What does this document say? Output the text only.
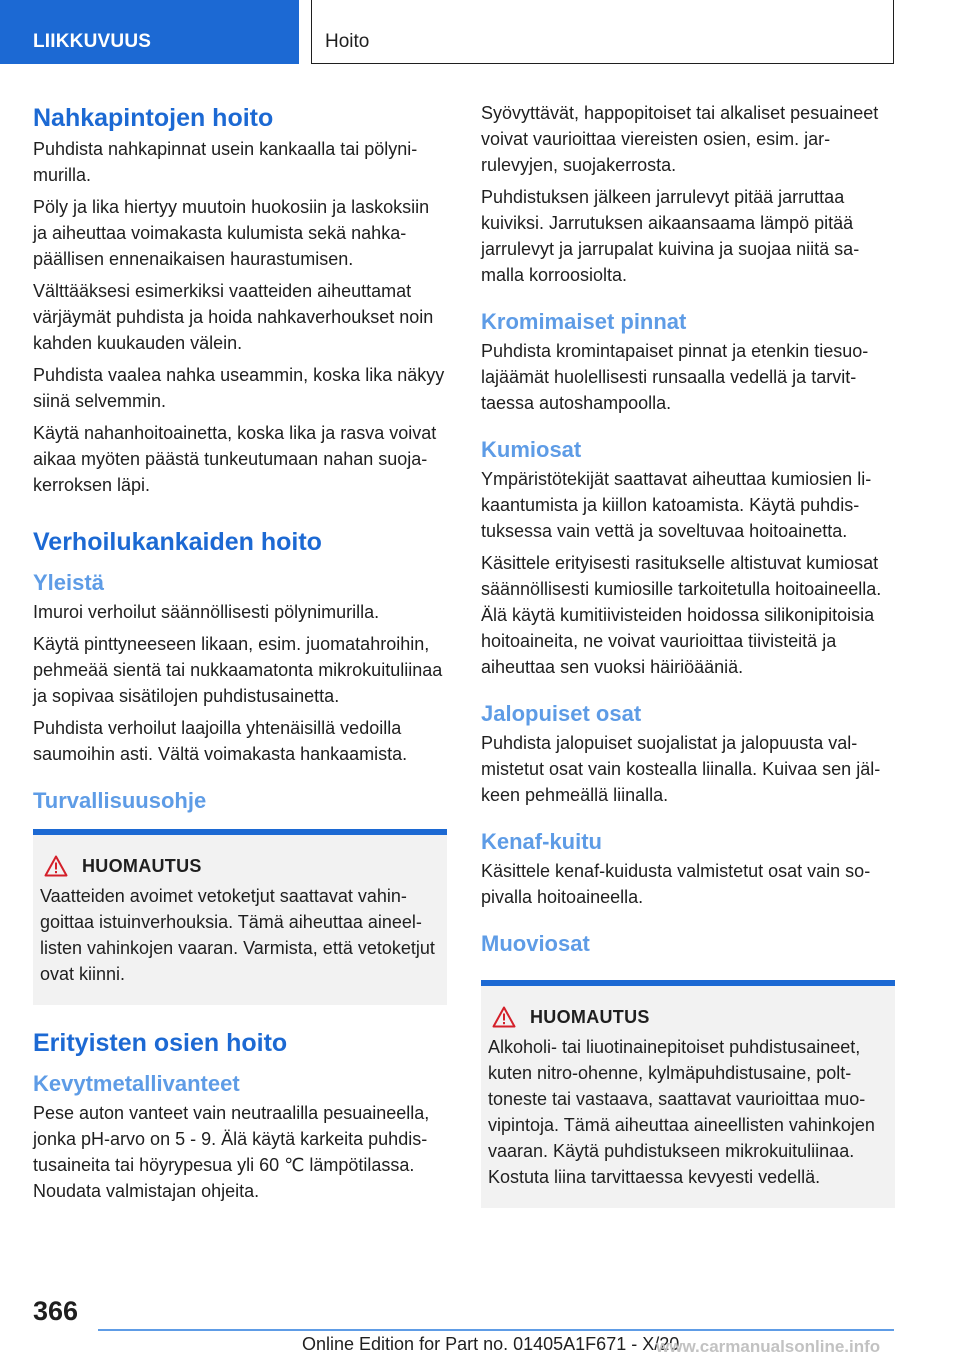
LIIKKUVUUS	Hoito
Nahkapintojen hoito

Puhdista nahkapinnat usein kankaalla tai pölynimurilla.

Pöly ja lika hiertyy muutoin huokosiin ja laskoksiin ja aiheuttaa voimakasta kulumista sekä nahkapäällisen ennenaikaisen haurastumisen.

Välttääksesi esimerkiksi vaatteiden aiheuttamat värjäymät puhdista ja hoida nahkaverhoukset noin kahden kuukauden välein.

Puhdista vaalea nahka useammin, koska lika näkyy siinä selvemmin.

Käytä nahanhoitoainetta, koska lika ja rasva voivat aikaa myöten päästä tunkeutumaan nahan suojakerroksen läpi.

Verhoilukankaiden hoito
Yleistä

Imuroi verhoilut säännöllisesti pölynimurilla.

Käytä pinttyneeseen likaan, esim. juomatahroihin, pehmeää sientä tai nukkaamatonta mikrokuituliinaa ja sopivaa sisätilojen puhdistusainetta.

Puhdista verhoilut laajoilla yhtenäisillä vedoilla saumoihin asti. Vältä voimakasta hankaamista.

Turvallisuusohje
HUOMAUTUS

Vaatteiden avoimet vetoketjut saattavat vahingoittaa istuinverhouksia. Tämä aiheuttaa aineellisten vahinkojen vaaran. Varmista, että vetoketjut ovat kiinni.

Erityisten osien hoito
Kevytmetallivanteet

Pese auton vanteet vain neutraalilla pesuaineella, jonka pH-arvo on 5 - 9. Älä käytä karkeita puhdistusaineita tai höyrypesua yli 60 ℃ lämpötilassa. Noudata valmistajan ohjeita.

Syövyttävät, happopitoiset tai alkaliset pesuaineet voivat vaurioittaa viereisten osien, esim. jarrulevyjen, suojakerrosta.

Puhdistuksen jälkeen jarrulevyt pitää jarruttaa kuiviksi. Jarrutuksen aikaansaama lämpö pitää jarrulevyt ja jarrupalat kuivina ja suojaa niitä samalla korroosiolta.

Kromimaiset pinnat

Puhdista kromintapaiset pinnat ja etenkin tiesuolajäämät huolellisesti runsaalla vedellä ja tarvittaessa autoshampoolla.

Kumiosat

Ympäristötekijät saattavat aiheuttaa kumiosien likaantumista ja kiillon katoamista. Käytä puhdistuksessa vain vettä ja soveltuvaa hoitoainetta.

Käsittele erityisesti rasitukselle altistuvat kumiosat säännöllisesti kumiosille tarkoitetulla hoitoaineella. Älä käytä kumitiivisteiden hoidossa silikonipitoisia hoitoaineita, ne voivat vaurioittaa tiivisteitä ja aiheuttaa sen vuoksi häiriöääniä.

Jalopuiset osat

Puhdista jalopuiset suojalistat ja jalopuusta valmistetut osat vain kostealla liinalla. Kuivaa sen jälkeen pehmeällä liinalla.

Kenaf-kuitu

Käsittele kenaf-kuidusta valmistetut osat vain sopivalla hoitoaineella.

Muoviosat
HUOMAUTUS

Alkoholi- tai liuotinainepitoiset puhdistusaineet, kuten nitro-ohenne, kylmäpuhdistusaine, polttoneste tai vastaava, saattavat vaurioittaa muovipintoja. Tämä aiheuttaa aineellisten vahinkojen vaaran. Käytä puhdistukseen mikrokuituliinaa. Kostuta liina tarvittaessa kevyesti vedellä.

366
Online Edition for Part no. 01405A1F671 - X/20
www.carmanualsonline.info
